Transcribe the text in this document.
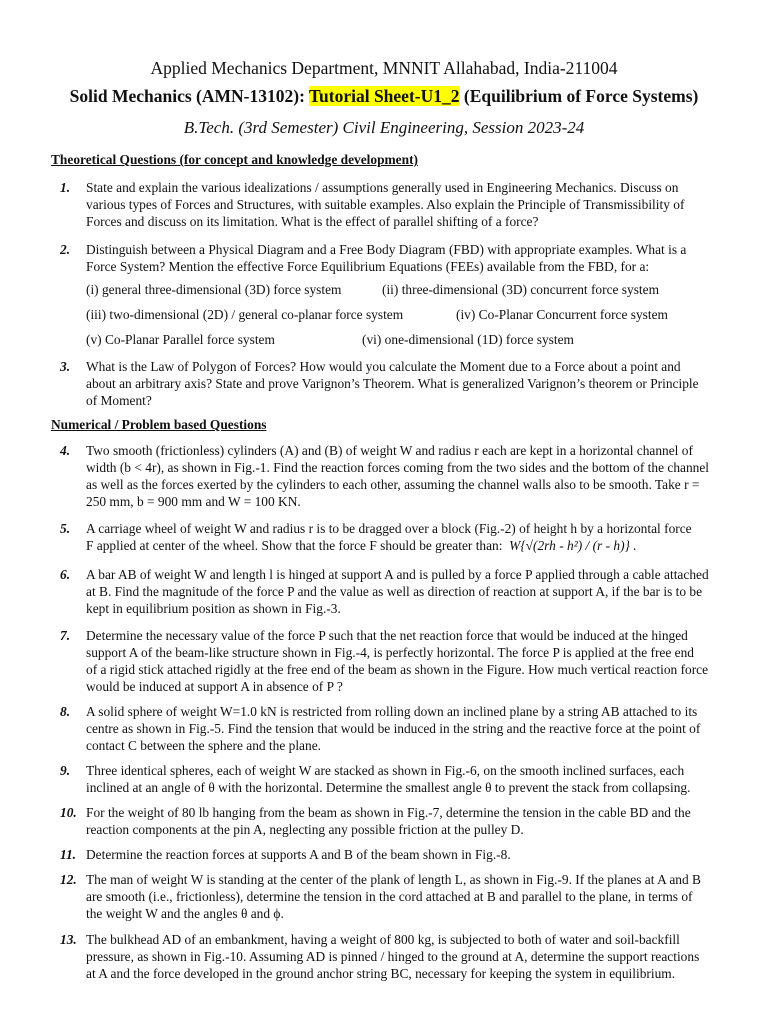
Applied Mechanics Department, MNNIT Allahabad, India-211004
Solid Mechanics (AMN-13102): Tutorial Sheet-U1_2 (Equilibrium of Force Systems)
B.Tech. (3rd Semester) Civil Engineering, Session 2023-24
Theoretical Questions (for concept and knowledge development)
1. State and explain the various idealizations / assumptions generally used in Engineering Mechanics. Discuss on
various types of Forces and Structures, with suitable examples. Also explain the Principle of Transmissibility of
Forces and discuss on its limitation. What is the effect of parallel shifting of a force?
2. Distinguish between a Physical Diagram and a Free Body Diagram (FBD) with appropriate examples. What is a
Force System? Mention the effective Force Equilibrium Equations (FEEs) available from the FBD, for a:
(i) general three-dimensional (3D) force system	(ii) three-dimensional (3D) concurrent force system
(iii) two-dimensional (2D) / general co-planar force system	(iv) Co-Planar Concurrent force system
(v) Co-Planar Parallel force system	(vi) one-dimensional (1D) force system
3. What is the Law of Polygon of Forces? How would you calculate the Moment due to a Force about a point and
about an arbitrary axis? State and prove Varignon’s Theorem. What is generalized Varignon’s theorem or Principle
of Moment?
Numerical / Problem based Questions
4. Two smooth (frictionless) cylinders (A) and (B) of weight W and radius r each are kept in a horizontal channel of
width (b < 4r), as shown in Fig.-1. Find the reaction forces coming from the two sides and the bottom of the channel
as well as the forces exerted by the cylinders to each other, assuming the channel walls also to be smooth. Take r =
250 mm, b = 900 mm and W = 100 KN.
5. A carriage wheel of weight W and radius r is to be dragged over a block (Fig.-2) of height h by a horizontal force
F applied at center of the wheel. Show that the force F should be greater than: W{√(2rh - h²) / (r - h)} .
6. A bar AB of weight W and length l is hinged at support A and is pulled by a force P applied through a cable attached
at B. Find the magnitude of the force P and the value as well as direction of reaction at support A, if the bar is to be
kept in equilibrium position as shown in Fig.-3.
7. Determine the necessary value of the force P such that the net reaction force that would be induced at the hinged
support A of the beam-like structure shown in Fig.-4, is perfectly horizontal. The force P is applied at the free end
of a rigid stick attached rigidly at the free end of the beam as shown in the Figure. How much vertical reaction force
would be induced at support A in absence of P ?
8. A solid sphere of weight W=1.0 kN is restricted from rolling down an inclined plane by a string AB attached to its
centre as shown in Fig.-5. Find the tension that would be induced in the string and the reactive force at the point of
contact C between the sphere and the plane.
9. Three identical spheres, each of weight W are stacked as shown in Fig.-6, on the smooth inclined surfaces, each
inclined at an angle of θ with the horizontal. Determine the smallest angle θ to prevent the stack from collapsing.
10. For the weight of 80 lb hanging from the beam as shown in Fig.-7, determine the tension in the cable BD and the
reaction components at the pin A, neglecting any possible friction at the pulley D.
11. Determine the reaction forces at supports A and B of the beam shown in Fig.-8.
12. The man of weight W is standing at the center of the plank of length L, as shown in Fig.-9. If the planes at A and B
are smooth (i.e., frictionless), determine the tension in the cord attached at B and parallel to the plane, in terms of
the weight W and the angles θ and ϕ.
13. The bulkhead AD of an embankment, having a weight of 800 kg, is subjected to both of water and soil-backfill
pressure, as shown in Fig.-10. Assuming AD is pinned / hinged to the ground at A, determine the support reactions
at A and the force developed in the ground anchor string BC, necessary for keeping the system in equilibrium.
